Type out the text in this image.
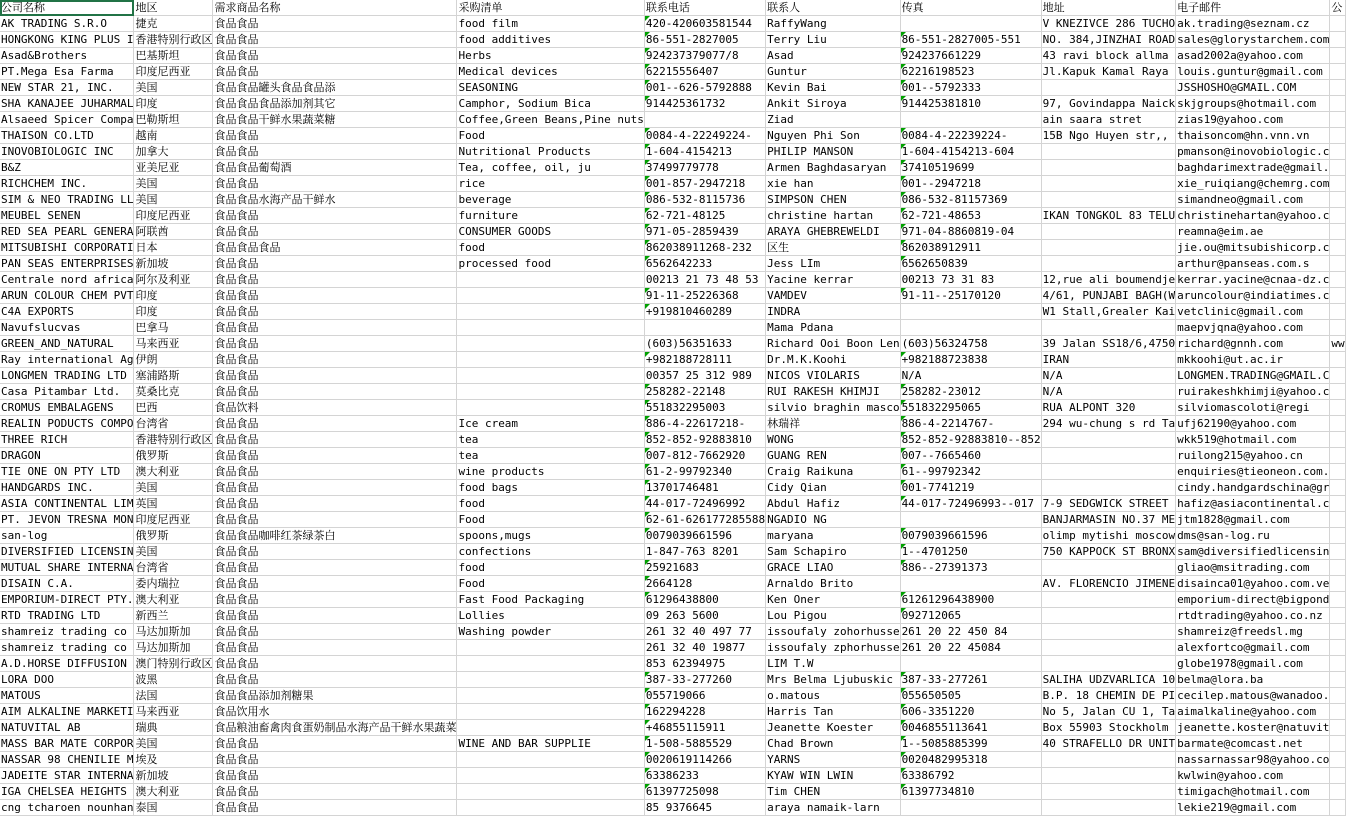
公司名称	地区	需求商品名称	采购清单	联系电话	联系人	传真	地址	电子邮件	公
AK TRADING S.R.O	捷克	食品食品	food film	420-420603581544	RaffyWang		V KNEZIVCE 286 TUCHO	ak.trading@seznam.cz	
HONGKONG KING PLUS I	香港特别行政区	食品食品	food additives	86-551-2827005	Terry Liu	86-551-2827005-551	NO. 384,JINZHAI ROAD	sales@glorystarchem.com	
Asad&Brothers	巴基斯坦	食品食品	Herbs	924237379077/8	Asad	924237661229	43 ravi block allma	asad2002a@yahoo.com	
PT.Mega Esa Farma	印度尼西亚	食品食品	Medical devices	62215556407	Guntur	62216198523	Jl.Kapuk Kamal Raya	louis.guntur@gmail.com	
NEW STAR 21, INC.	美国	食品食品罐头食品食品添	SEASONING	001--626-5792888	Kevin Bai	001--5792333		JSSHOSHO@GMAIL.COM	
SHA KANAJEE JUHARMAL	印度	食品食品食品添加剂其它	Camphor, Sodium Bica	914425361732	Ankit Siroya	914425381810	97, Govindappa Naick	skjgroups@hotmail.com	
Alsaeed Spicer Compa	巴勒斯坦	食品食品干鲜水果蔬菜糖	Coffee,Green Beans,Pine nuts		Ziad		ain saara stret	zias19@yahoo.com	
THAISON CO.LTD	越南	食品食品	Food	0084-4-22249224-	Nguyen Phi Son	0084-4-22239224-	15B Ngo Huyen str,,	thaisoncom@hn.vnn.vn	
INOVOBIOLOGIC INC	加拿大	食品食品	Nutritional Products	1-604-4154213	PHILIP MANSON	1-604-4154213-604		pmanson@inovobiologic.c	
B&Z	亚美尼亚	食品食品葡萄酒	Tea, coffee, oil, ju	37499779778	Armen Baghdasaryan	37410519699		baghdarimextrade@gmail.	
RICHCHEM INC.	美国	食品食品	rice	001-857-2947218	xie han	001--2947218		xie_ruiqiang@chemrg.com	
SIM & NEO TRADING LL	美国	食品食品水海产品干鲜水	beverage	086-532-8115736	SIMPSON CHEN	086-532-81157369		simandneo@gmail.com	
MEUBEL SENEN	印度尼西亚	食品食品	furniture	62-721-48125	christine hartan	62-721-48653	IKAN TONGKOL 83 TELU	christinehartan@yahoo.c	
RED SEA PEARL GENERA	阿联酋	食品食品	CONSUMER GOODS	971-05-2859439	ARAYA GHEBREWELDI	971-04-8860819-04		reamna@eim.ae	
MITSUBISHI CORPORATI	日本	食品食品食品	food	862038911268-232	区生	862038912911		jie.ou@mitsubishicorp.c	
PAN SEAS ENTERPRISES	新加坡	食品食品	processed food	6562642233	Jess LIm	6562650839		arthur@panseas.com.s	
Centrale nord africa	阿尔及利亚	食品食品		00213 21 73 48 53	Yacine kerrar	00213 73 31 83	12,rue ali boumendje	kerrar.yacine@cnaa-dz.c	
ARUN COLOUR CHEM PVT	印度	食品食品		91-11-25226368	VAMDEV	91-11--25170120	4/61, PUNJABI BAGH(W	aruncolour@indiatimes.c	
C4A EXPORTS	印度	食品食品		+919810460289	INDRA		W1 Stall,Grealer Kai	vetclinic@gmail.com	
Navufslucvas	巴拿马	食品食品			Mama Pdana			maepvjqna@yahoo.com	
GREEN_AND_NATURAL	马来西亚	食品食品		(603)56351633	Richard Ooi Boon Len	(603)56324758	39 Jalan SS18/6,4750	richard@gnnh.com	ww
Ray international Ag	伊朗	食品食品		+982188728111	Dr.M.K.Koohi	+982188723838	IRAN	mkkoohi@ut.ac.ir	
LONGMEN TRADING LTD	塞浦路斯	食品食品		00357 25 312 989	NICOS VIOLARIS	N/A	N/A	LONGMEN.TRADING@GMAIL.C	
Casa Pitambar Ltd.	莫桑比克	食品食品		258282-22148	RUI RAKESH KHIMJI	258282-23012	N/A	ruirakeshkhimji@yahoo.c	
CROMUS EMBALAGENS	巴西	食品饮料		551832295003	silvio braghin masco	551832295065	RUA ALPONT 320	silviomascoloti@regi	
REALIN PODUCTS COMPO	台湾省	食品食品	Ice cream	886-4-22617218-	林瑞祥	886-4-2214767-	294 wu-chung s rd Ta	ufj62190@yahoo.com	
THREE RICH	香港特别行政区	食品食品	tea	852-852-92883810	WONG	852-852-92883810--852		wkk519@hotmail.com	
DRAGON	俄罗斯	食品食品	tea	007-812-7662920	GUANG REN	007--7665460		ruilong215@yahoo.cn	
TIE ONE ON PTY LTD	澳大利亚	食品食品	wine products	61-2-99792340	Craig Raikuna	61--99792342		enquiries@tieoneon.com.	
HANDGARDS INC.	美国	食品食品	food bags	13701746481	Cidy Qian	001-7741219		cindy.handgardschina@gr	
ASIA CONTINENTAL LIM	英国	食品食品	food	44-017-72496992	Abdul Hafiz	44-017-72496993--017	7-9 SEDGWICK STREET	hafiz@asiacontinental.c	
PT. JEVON TRESNA MON	印度尼西亚	食品食品	Food	62-61-626177285588	NGADIO NG		BANJARMASIN NO.37 ME	jtm1828@gmail.com	
san-log	俄罗斯	食品食品咖啡红茶绿茶白	spoons,mugs	0079039661596	maryana	0079039661596	olimp mytishi moscow	dms@san-log.ru	
DIVERSIFIED LICENSIN	美国	食品食品	confections	1-847-763 8201	Sam Schapiro	1--4701250	750 KAPPOCK ST BRONX	sam@diversifiedlicensin	
MUTUAL SHARE INTERNA	台湾省	食品食品	food	25921683	GRACE LIAO	886--27391373		gliao@msitrading.com	
DISAIN C.A.	委内瑞拉	食品食品	Food	2664128	Arnaldo Brito		AV. FLORENCIO JIMENE	disainca01@yahoo.com.ve	
EMPORIUM-DIRECT PTY.	澳大利亚	食品食品	Fast Food Packaging	61296438800	Ken Oner	61261296438900		emporium-direct@bigpond	
RTD TRADING LTD	新西兰	食品食品	Lollies	09 263 5600	Lou Pigou	092712065		rtdtrading@yahoo.co.nz	
shamreiz trading co	马达加斯加	食品食品	Washing powder	261 32 40 497 77	issoufaly zohorhusse	261 20 22 450 84		shamreiz@freedsl.mg	
shamreiz trading co	马达加斯加	食品食品		261 32 40 19877	issoufaly zphorhusse	261 20 22 45084		alexfortco@gmail.com	
A.D.HORSE DIFFUSION	澳门特别行政区	食品食品		853 62394975	LIM T.W			globe1978@gmail.com	
LORA DOO	波黑	食品食品		387-33-277260	Mrs Belma Ljubuskic	387-33-277261	SALIHA UDZVARLICA 10	belma@lora.ba	
MATOUS	法国	食品食品添加剂糖果		055719066	o.matous	055650505	B.P. 18 CHEMIN DE PI	cecilep.matous@wanadoo.	
AIM ALKALINE MARKETI	马来西亚	食品饮用水		162294228	Harris Tan	606-3351220	No 5, Jalan CU 1, Ta	aimalkaline@yahoo.com	
NATUVITAL AB	瑞典	食品粮油畜禽肉食蛋奶制品水海产品干鲜水果蔬菜		+46855115911	Jeanette Koester	0046855113641	Box 55903 Stockholm	jeanette.koster@natuvit	
MASS BAR MATE CORPOR	美国	食品食品	WINE AND BAR SUPPLIE	1-508-5885529	Chad Brown	1--5085885399	40 STRAFELLO DR UNIT	barmate@comcast.net	
NASSAR 98 CHENILIE M	埃及	食品食品		0020619114266	YARNS	0020482995318		nassarnassar98@yahoo.co	
JADEITE STAR INTERNA	新加坡	食品食品		63386233	KYAW WIN LWIN	63386792		kwlwin@yahoo.com	
IGA CHELSEA HEIGHTS	澳大利亚	食品食品		61397725098	Tim CHEN	61397734810		timigach@hotmail.com	
cng tcharoen nounhan	泰国	食品食品		85 9376645	araya namaik-larn			lekie219@gmail.com	
